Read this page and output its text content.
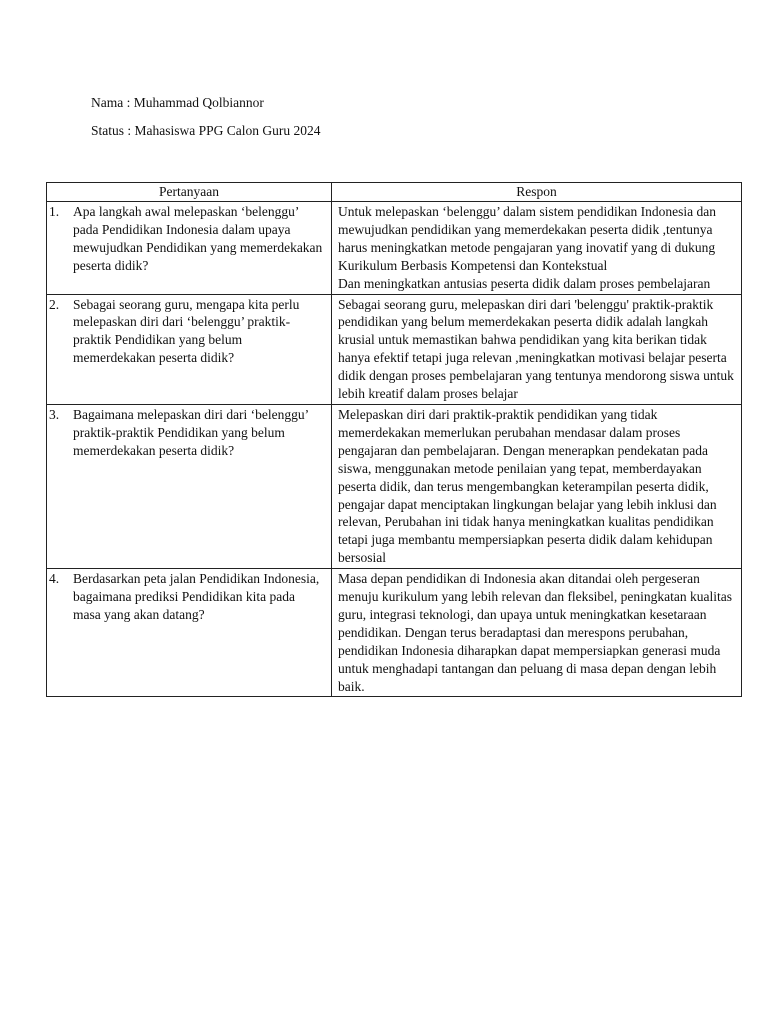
Nama : Muhammad Qolbiannor
Status : Mahasiswa PPG Calon Guru 2024
Pertanyaan	Respon

1. Apa langkah awal melepaskan ‘belenggu’ pada Pendidikan Indonesia dalam upaya mewujudkan Pendidikan yang memerdekakan peserta didik?	Untuk melepaskan ‘belenggu’ dalam sistem pendidikan Indonesia dan mewujudkan pendidikan yang memerdekakan peserta didik ,tentunya harus meningkatkan metode pengajaran yang inovatif yang di dukung Kurikulum Berbasis Kompetensi dan Kontekstual
Dan meningkatkan antusias peserta didik dalam proses pembelajaran

2. Sebagai seorang guru, mengapa kita perlu melepaskan diri dari ‘belenggu’ praktik-praktik Pendidikan yang belum memerdekakan peserta didik?	Sebagai seorang guru, melepaskan diri dari 'belenggu' praktik-praktik pendidikan yang belum memerdekakan peserta didik adalah langkah krusial untuk memastikan bahwa pendidikan yang kita berikan tidak hanya efektif tetapi juga relevan ,meningkatkan motivasi belajar peserta didik dengan proses pembelajaran yang tentunya mendorong siswa untuk lebih kreatif dalam proses belajar

3. Bagaimana melepaskan diri dari ‘belenggu’ praktik-praktik Pendidikan yang belum memerdekakan peserta didik?	Melepaskan diri dari praktik-praktik pendidikan yang tidak memerdekakan memerlukan perubahan mendasar dalam proses pengajaran dan pembelajaran. Dengan menerapkan pendekatan pada siswa, menggunakan metode penilaian yang tepat, memberdayakan peserta didik, dan terus mengembangkan keterampilan peserta didik, pengajar dapat menciptakan lingkungan belajar yang lebih inklusi dan relevan, Perubahan ini tidak hanya meningkatkan kualitas pendidikan tetapi juga membantu mempersiapkan peserta didik dalam kehidupan bersosial

4. Berdasarkan peta jalan Pendidikan Indonesia, bagaimana prediksi Pendidikan kita pada masa yang akan datang?	Masa depan pendidikan di Indonesia akan ditandai oleh pergeseran menuju kurikulum yang lebih relevan dan fleksibel, peningkatan kualitas guru, integrasi teknologi, dan upaya untuk meningkatkan kesetaraan pendidikan. Dengan terus beradaptasi dan merespons perubahan, pendidikan Indonesia diharapkan dapat mempersiapkan generasi muda untuk menghadapi tantangan dan peluang di masa depan dengan lebih baik.
